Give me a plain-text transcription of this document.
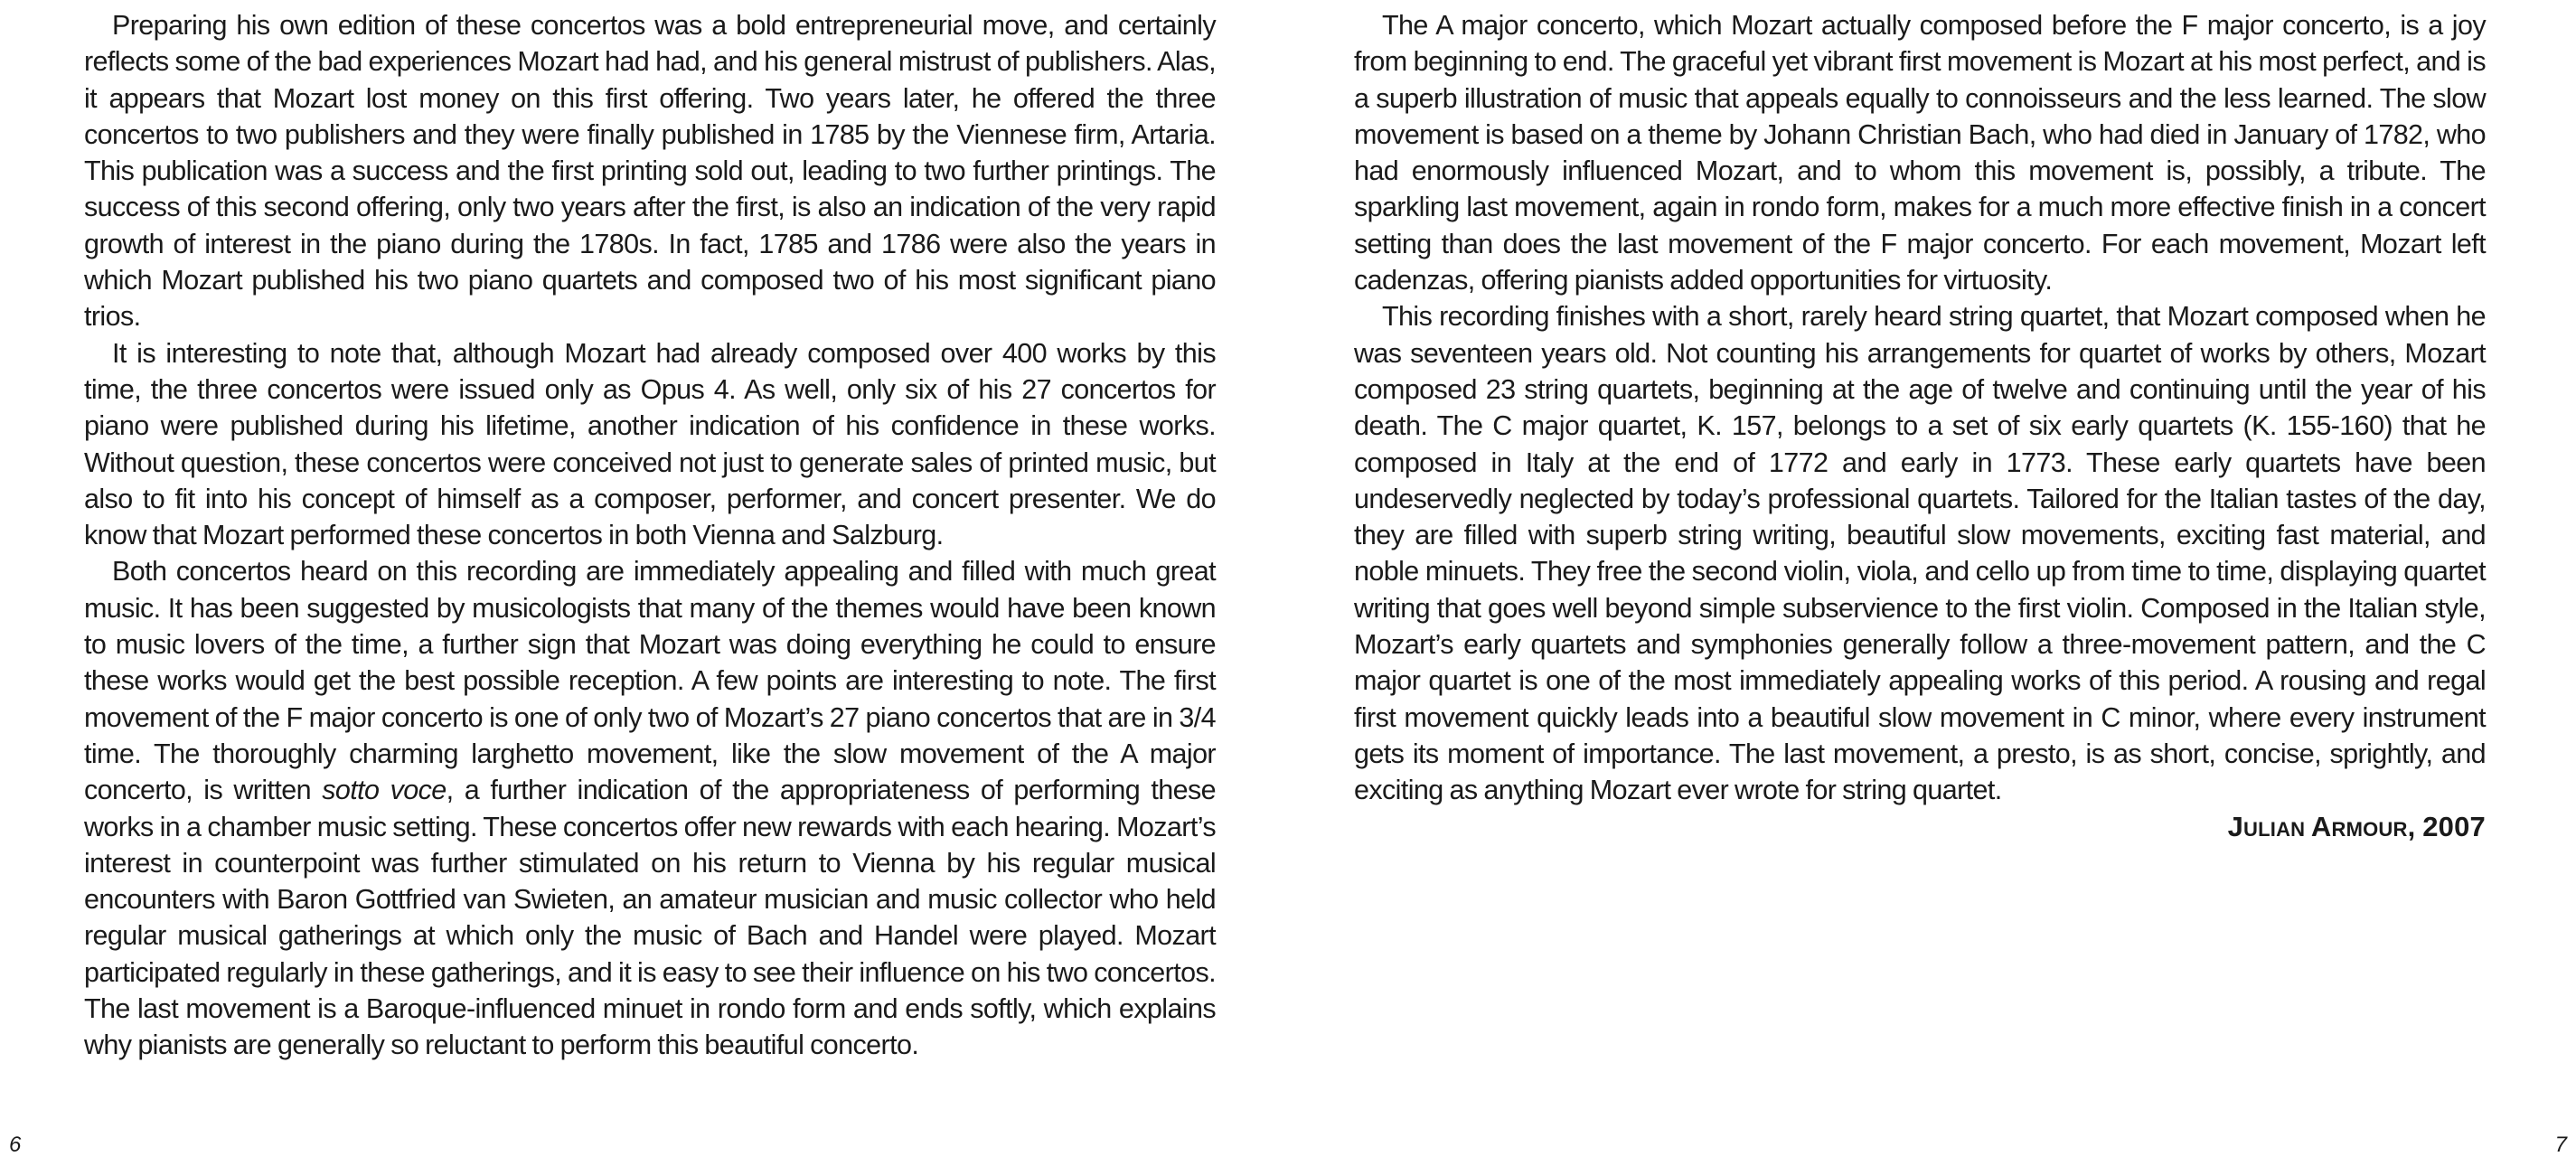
Preparing his own edition of these concertos was a bold entrepreneurial move, and certainly reflects some of the bad experiences Mozart had had, and his general mistrust of publishers. Alas, it appears that Mozart lost money on this first offering. Two years later, he offered the three concertos to two publishers and they were finally published in 1785 by the Viennese firm, Artaria. This publication was a success and the first printing sold out, leading to two further printings. The success of this second offering, only two years after the first, is also an indication of the very rapid growth of interest in the piano during the 1780s. In fact, 1785 and 1786 were also the years in which Mozart published his two piano quartets and composed two of his most significant piano trios.

It is interesting to note that, although Mozart had already composed over 400 works by this time, the three concertos were issued only as Opus 4. As well, only six of his 27 concertos for piano were published during his lifetime, another indication of his confidence in these works. Without question, these concertos were conceived not just to generate sales of printed music, but also to fit into his concept of himself as a composer, performer, and concert presenter. We do know that Mozart performed these concertos in both Vienna and Salzburg.

Both concertos heard on this recording are immediately appealing and filled with much great music. It has been suggested by musicologists that many of the themes would have been known to music lovers of the time, a further sign that Mozart was doing everything he could to ensure these works would get the best possible reception. A few points are interesting to note. The first movement of the F major concerto is one of only two of Mozart’s 27 piano concertos that are in 3/4 time. The thoroughly charming larghetto movement, like the slow movement of the A major concerto, is written sotto voce, a further indication of the appropriateness of performing these works in a chamber music setting. These concertos offer new rewards with each hearing. Mozart’s interest in counterpoint was further stimulated on his return to Vienna by his regular musical encounters with Baron Gottfried van Swieten, an amateur musician and music collector who held regular musical gatherings at which only the music of Bach and Handel were played. Mozart participated regularly in these gatherings, and it is easy to see their influence on his two concertos. The last movement is a Baroque-influenced minuet in rondo form and ends softly, which explains why pianists are generally so reluctant to perform this beautiful concerto.

6

The A major concerto, which Mozart actually composed before the F major concerto, is a joy from beginning to end. The graceful yet vibrant first movement is Mozart at his most perfect, and is a superb illustration of music that appeals equally to connoisseurs and the less learned. The slow movement is based on a theme by Johann Christian Bach, who had died in January of 1782, who had enormously influenced Mozart, and to whom this movement is, possibly, a tribute. The sparkling last movement, again in rondo form, makes for a much more effective finish in a concert setting than does the last movement of the F major concerto. For each movement, Mozart left cadenzas, offering pianists added opportunities for virtuosity.

This recording finishes with a short, rarely heard string quartet, that Mozart composed when he was seventeen years old. Not counting his arrangements for quartet of works by others, Mozart composed 23 string quartets, beginning at the age of twelve and continuing until the year of his death. The C major quartet, K. 157, belongs to a set of six early quartets (K. 155-160) that he composed in Italy at the end of 1772 and early in 1773. These early quartets have been undeservedly neglected by today’s professional quartets. Tailored for the Italian tastes of the day, they are filled with superb string writing, beautiful slow movements, exciting fast material, and noble minuets. They free the second violin, viola, and cello up from time to time, displaying quartet writing that goes well beyond simple subservience to the first violin. Composed in the Italian style, Mozart’s early quartets and symphonies generally follow a three-movement pattern, and the C major quartet is one of the most immediately appealing works of this period. A rousing and regal first movement quickly leads into a beautiful slow movement in C minor, where every instrument gets its moment of importance. The last movement, a presto, is as short, concise, sprightly, and exciting as anything Mozart ever wrote for string quartet.

Julian Armour, 2007

7
